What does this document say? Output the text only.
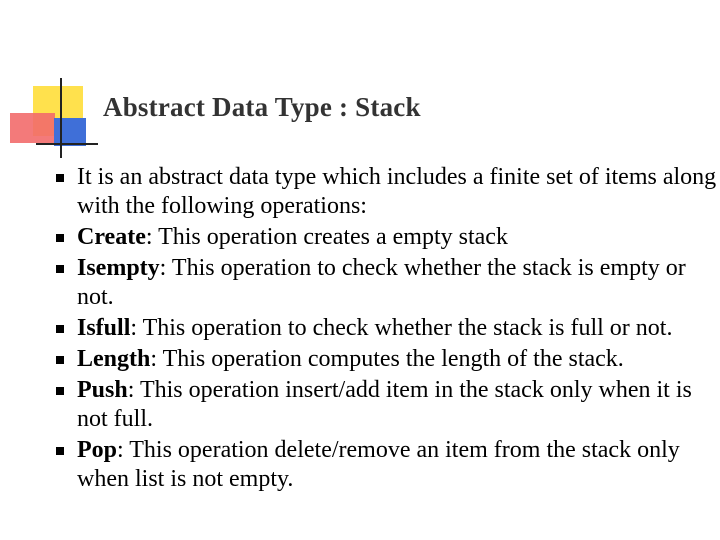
Abstract Data Type : Stack
It is an abstract data type which includes a finite set of items along with the following operations:
Create: This operation creates a empty stack
Isempty: This operation to check whether the stack is empty or not.
Isfull: This operation to check whether the stack is full or not.
Length: This operation computes the length of the stack.
Push: This operation insert/add item in the stack only when it is not full.
Pop: This operation delete/remove an item from the stack only when list is not empty.
